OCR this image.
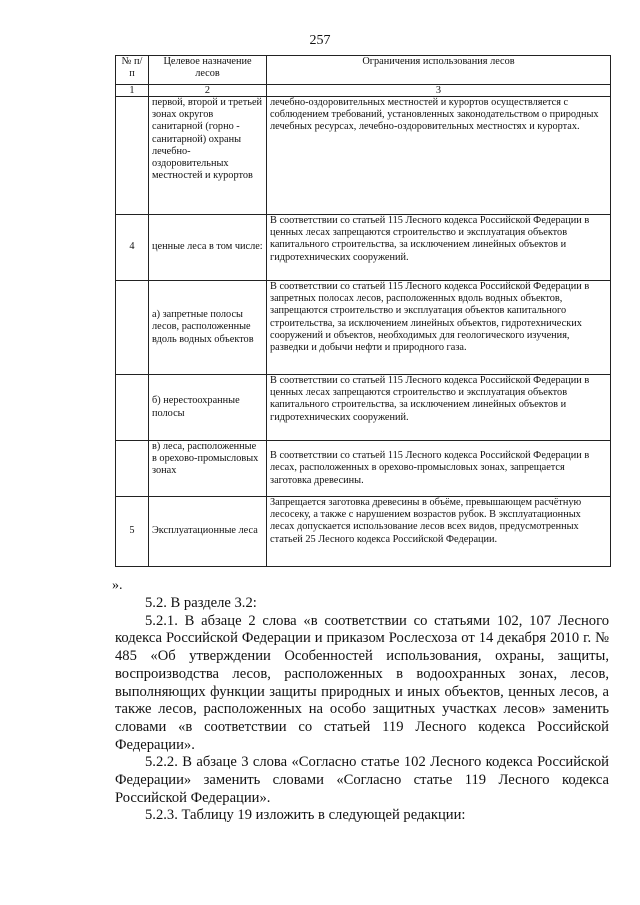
257
№ п/п	Целевое назначение лесов	Ограничения использования лесов
1	2	3
	первой, второй и третьей зонах округов санитарной (горно - санитарной) охраны лечебно-оздоровительных местностей и курортов	лечебно-оздоровительных местностей и курортов осуществляется с соблюдением требований, установленных законодательством о природных лечебных ресурсах, лечебно-оздоровительных местностях и курортах.
4	ценные леса в том числе:	В соответствии со статьей 115 Лесного кодекса Российской Федерации в ценных лесах запрещаются строительство и эксплуатация объектов капитального строительства, за исключением линейных объектов и гидротехнических сооружений.
	а) запретные полосы лесов, расположенные вдоль водных объектов	В соответствии со статьей 115 Лесного кодекса Российской Федерации в запретных полосах лесов, расположенных вдоль водных объектов, запрещаются строительство и эксплуатация объектов капитального строительства, за исключением линейных объектов, гидротехнических сооружений и объектов, необходимых для геологического изучения, разведки и добычи нефти и природного газа.
	б) нерестоохранные полосы	В соответствии со статьей 115 Лесного кодекса Российской Федерации в ценных лесах запрещаются строительство и эксплуатация объектов капитального строительства, за исключением линейных объектов и гидротехнических сооружений.
	в) леса, расположенные в орехово-промысловых зонах	В соответствии со статьей 115 Лесного кодекса Российской Федерации в лесах, расположенных в орехово-промысловых зонах, запрещается заготовка древесины.
5	Эксплуатационные леса	Запрещается заготовка древесины в объёме, превышающем расчётную лесосеку, а также с нарушением возрастов рубок. В эксплуатационных лесах допускается использование лесов всех видов, предусмотренных статьей 25 Лесного кодекса Российской Федерации.
».

5.2. В разделе 3.2:

5.2.1. В абзаце 2 слова «в соответствии со статьями 102, 107 Лесного кодекса Российской Федерации и приказом Рослесхоза от 14 декабря 2010 г. № 485 «Об утверждении Особенностей использования, охраны, защиты, воспроизводства лесов, расположенных в водоохранных зонах, лесов, выполняющих функции защиты природных и иных объектов, ценных лесов, а также лесов, расположенных на особо защитных участках лесов» заменить словами «в соответствии со статьей 119 Лесного кодекса Российской Федерации».

5.2.2. В абзаце 3 слова «Согласно статье 102 Лесного кодекса Российской Федерации» заменить словами «Согласно статье 119 Лесного кодекса Российской Федерации».

5.2.3. Таблицу 19 изложить в следующей редакции:
